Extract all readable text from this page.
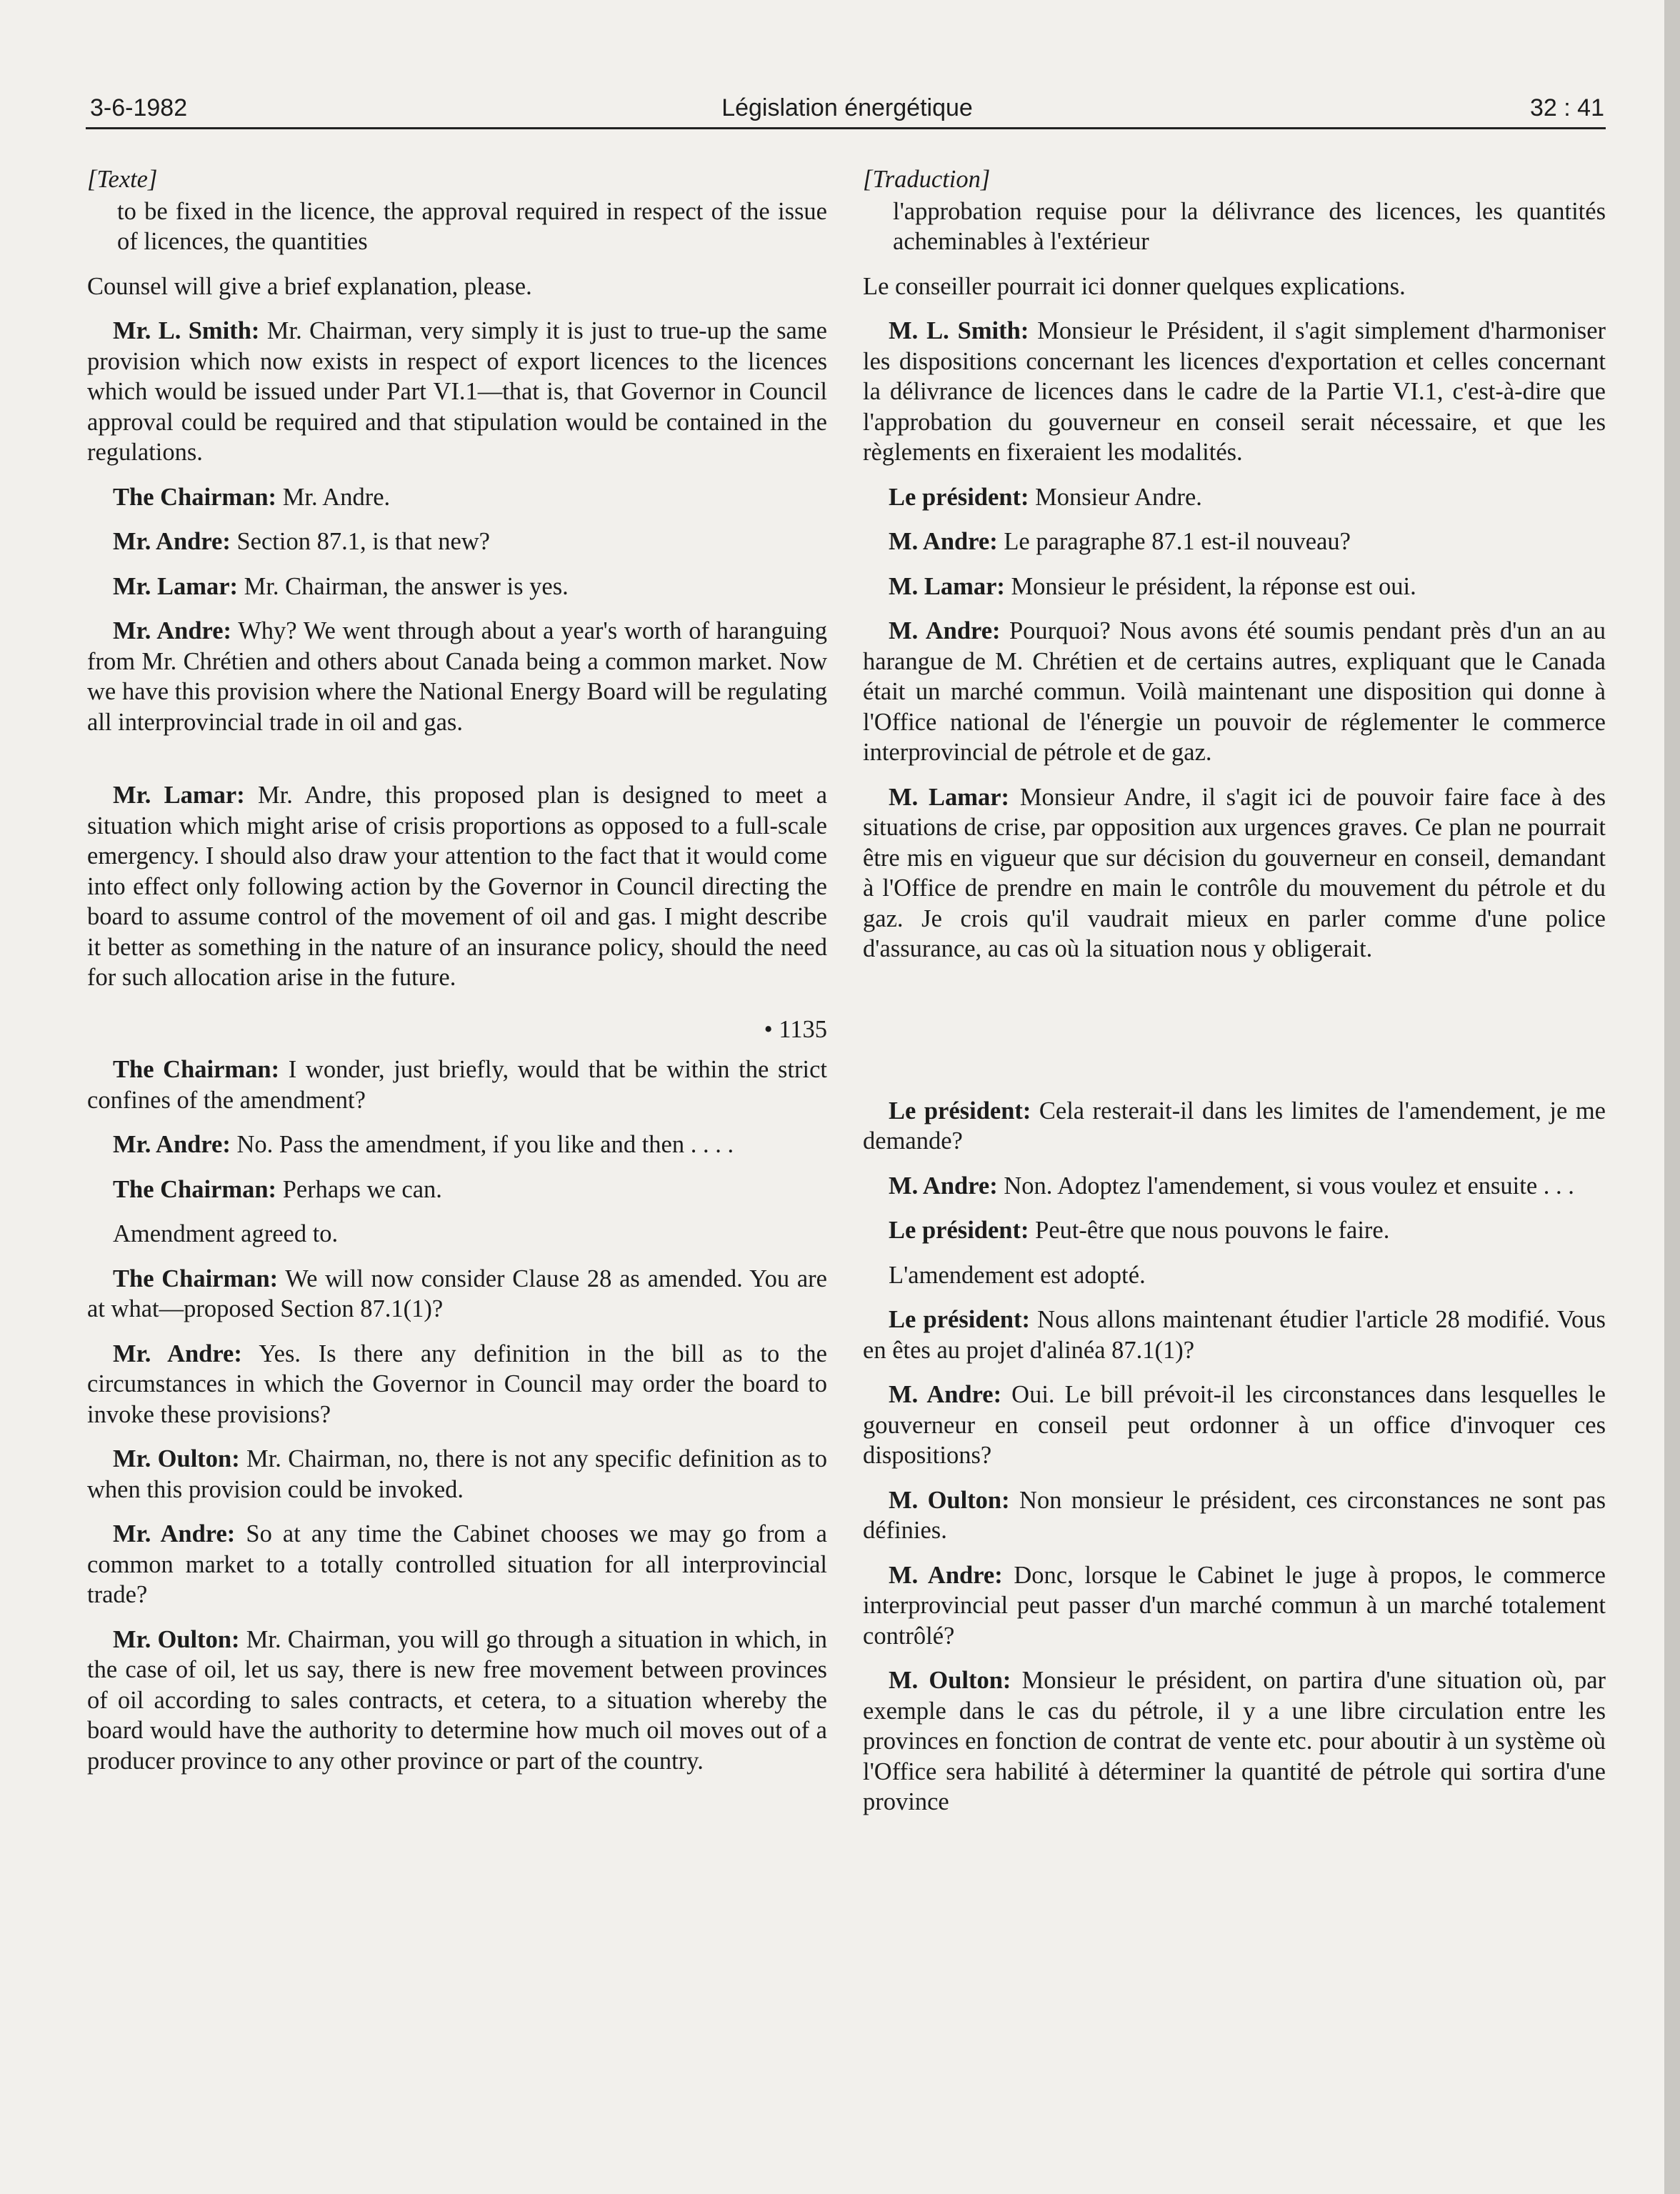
3-6-1982	Législation énergétique	32 : 41
[Texte]
to be fixed in the licence, the approval required in respect of the issue of licences, the quantities
Counsel will give a brief explanation, please.
Mr. L. Smith: Mr. Chairman, very simply it is just to true-up the same provision which now exists in respect of export licences to the licences which would be issued under Part VI.1—that is, that Governor in Council approval could be required and that stipulation would be contained in the regulations.
The Chairman: Mr. Andre.
Mr. Andre: Section 87.1, is that new?
Mr. Lamar: Mr. Chairman, the answer is yes.
Mr. Andre: Why? We went through about a year's worth of haranguing from Mr. Chrétien and others about Canada being a common market. Now we have this provision where the National Energy Board will be regulating all interprovincial trade in oil and gas.
Mr. Lamar: Mr. Andre, this proposed plan is designed to meet a situation which might arise of crisis proportions as opposed to a full-scale emergency. I should also draw your attention to the fact that it would come into effect only following action by the Governor in Council directing the board to assume control of the movement of oil and gas. I might describe it better as something in the nature of an insurance policy, should the need for such allocation arise in the future.
• 1135
The Chairman: I wonder, just briefly, would that be within the strict confines of the amendment?
Mr. Andre: No. Pass the amendment, if you like and then . . . .
The Chairman: Perhaps we can.
Amendment agreed to.
The Chairman: We will now consider Clause 28 as amended. You are at what—proposed Section 87.1(1)?
Mr. Andre: Yes. Is there any definition in the bill as to the circumstances in which the Governor in Council may order the board to invoke these provisions?
Mr. Oulton: Mr. Chairman, no, there is not any specific definition as to when this provision could be invoked.
Mr. Andre: So at any time the Cabinet chooses we may go from a common market to a totally controlled situation for all interprovincial trade?
Mr. Oulton: Mr. Chairman, you will go through a situation in which, in the case of oil, let us say, there is new free movement between provinces of oil according to sales contracts, et cetera, to a situation whereby the board would have the authority to determine how much oil moves out of a producer province to any other province or part of the country.
[Traduction]
l'approbation requise pour la délivrance des licences, les quantités acheminables à l'extérieur
Le conseiller pourrait ici donner quelques explications.
M. L. Smith: Monsieur le Président, il s'agit simplement d'harmoniser les dispositions concernant les licences d'exportation et celles concernant la délivrance de licences dans le cadre de la Partie VI.1, c'est-à-dire que l'approbation du gouverneur en conseil serait nécessaire, et que les règlements en fixeraient les modalités.
Le président: Monsieur Andre.
M. Andre: Le paragraphe 87.1 est-il nouveau?
M. Lamar: Monsieur le président, la réponse est oui.
M. Andre: Pourquoi? Nous avons été soumis pendant près d'un an au harangue de M. Chrétien et de certains autres, expliquant que le Canada était un marché commun. Voilà maintenant une disposition qui donne à l'Office national de l'énergie un pouvoir de réglementer le commerce interprovincial de pétrole et de gaz.
M. Lamar: Monsieur Andre, il s'agit ici de pouvoir faire face à des situations de crise, par opposition aux urgences graves. Ce plan ne pourrait être mis en vigueur que sur décision du gouverneur en conseil, demandant à l'Office de prendre en main le contrôle du mouvement du pétrole et du gaz. Je crois qu'il vaudrait mieux en parler comme d'une police d'assurance, au cas où la situation nous y obligerait.
Le président: Cela resterait-il dans les limites de l'amendement, je me demande?
M. Andre: Non. Adoptez l'amendement, si vous voulez et ensuite . . .
Le président: Peut-être que nous pouvons le faire.
L'amendement est adopté.
Le président: Nous allons maintenant étudier l'article 28 modifié. Vous en êtes au projet d'alinéa 87.1(1)?
M. Andre: Oui. Le bill prévoit-il les circonstances dans lesquelles le gouverneur en conseil peut ordonner à un office d'invoquer ces dispositions?
M. Oulton: Non monsieur le président, ces circonstances ne sont pas définies.
M. Andre: Donc, lorsque le Cabinet le juge à propos, le commerce interprovincial peut passer d'un marché commun à un marché totalement contrôlé?
M. Oulton: Monsieur le président, on partira d'une situation où, par exemple dans le cas du pétrole, il y a une libre circulation entre les provinces en fonction de contrat de vente etc. pour aboutir à un système où l'Office sera habilité à déterminer la quantité de pétrole qui sortira d'une province
